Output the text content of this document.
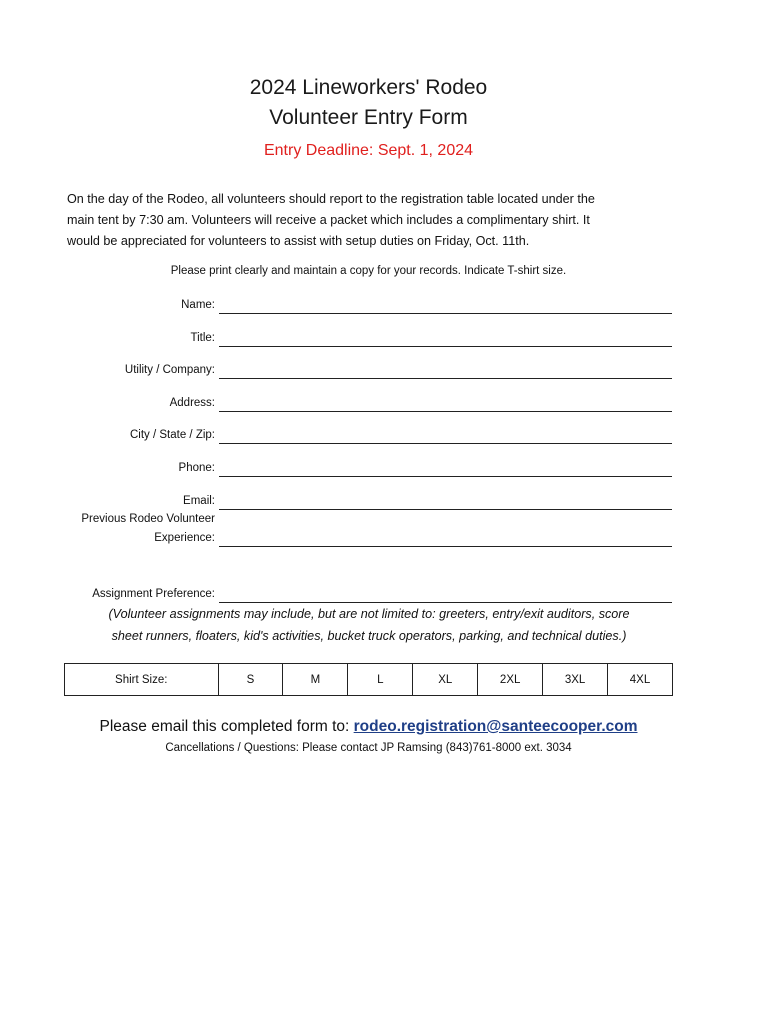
2024 Lineworkers' Rodeo
Volunteer Entry Form
Entry Deadline: Sept. 1, 2024
On the day of the Rodeo, all volunteers should report to the registration table located under the
main tent by 7:30 am. Volunteers will receive a packet which includes a complimentary shirt. It
would be appreciated for volunteers to assist with setup duties on Friday, Oct. 11th.
Please print clearly and maintain a copy for your records. Indicate T-shirt size.
Name:
Title:
Utility / Company:
Address:
City / State / Zip:
Phone:
Email:
Previous Rodeo Volunteer
Experience:
Assignment Preference:
(Volunteer assignments may include, but are not limited to: greeters, entry/exit auditors, score
sheet runners, floaters, kid's activities, bucket truck operators, parking, and technical duties.)
Shirt Size:	S	M	L	XL	2XL	3XL	4XL
Please email this completed form to: rodeo.registration@santeecooper.com
Cancellations / Questions: Please contact JP Ramsing (843)761-8000 ext. 3034
